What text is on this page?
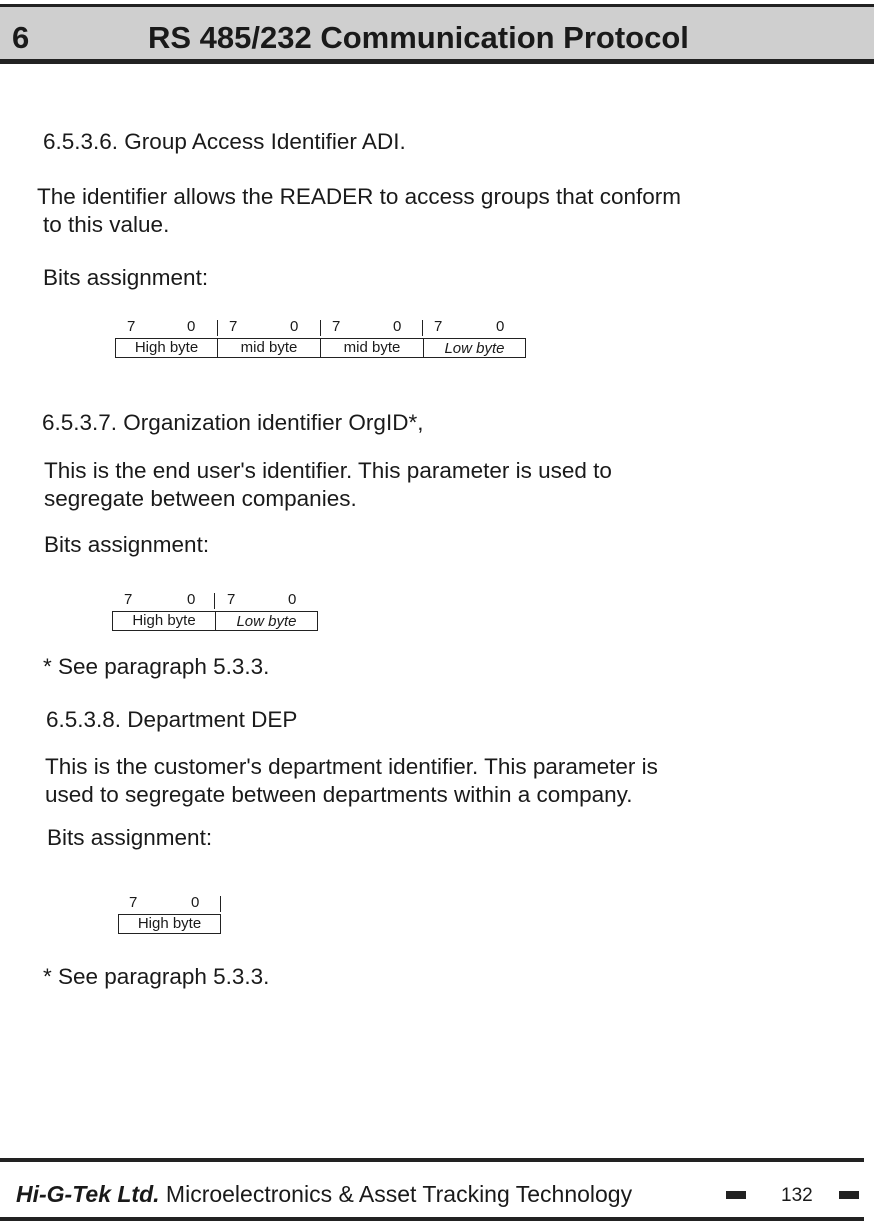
6	RS 485/232 Communication Protocol
6.5.3.6. Group Access Identifier ADI.
The identifier allows the READER to access groups that conform
to this value.
Bits assignment:
7	0 7	0 7	0 7	0
High byte	mid byte	mid byte	Low byte
6.5.3.7. Organization identifier OrgID*,
This is the end user's identifier. This parameter is used to
segregate between companies.
Bits assignment:
7	0 7	0
High byte	Low byte
* See paragraph 5.3.3.
6.5.3.8. Department DEP
This is the customer's department identifier. This parameter is
used to segregate between departments within a company.
Bits assignment:
7	0
High byte
* See paragraph 5.3.3.
Hi-G-Tek Ltd. Microelectronics & Asset Tracking Technology	132
